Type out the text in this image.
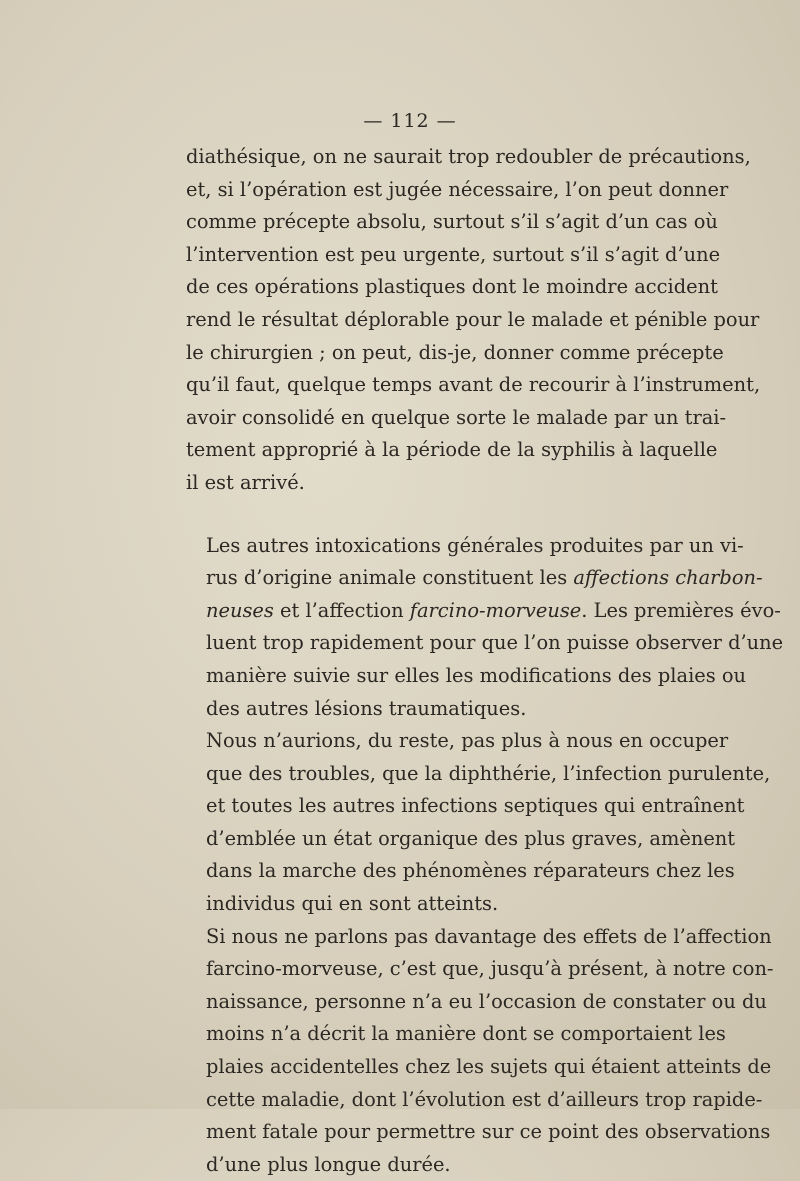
— 112 —

diathésique, on ne saurait trop redoubler de précautions,
et, si l’opération est jugée nécessaire, l’on peut donner
comme précepte absolu, surtout s’il s’agit d’un cas où
l’intervention est peu urgente, surtout s’il s’agit d’une
de ces opérations plastiques dont le moindre accident
rend le résultat déplorable pour le malade et pénible pour
le chirurgien ; on peut, dis-je, donner comme précepte
qu’il faut, quelque temps avant de recourir à l’instrument,
avoir consolidé en quelque sorte le malade par un trai-
tement approprié à la période de la syphilis à laquelle
il est arrivé.

Les autres intoxications générales produites par un vi-
rus d’origine animale constituent les affections charbon-
neuses et l’affection farcino-morveuse. Les premières évo-
luent trop rapidement pour que l’on puisse observer d’une
manière suivie sur elles les modifications des plaies ou
des autres lésions traumatiques.

Nous n’aurions, du reste, pas plus à nous en occuper
que des troubles, que la diphthérie, l’infection purulente,
et toutes les autres infections septiques qui entraînent
d’emblée un état organique des plus graves, amènent
dans la marche des phénomènes réparateurs chez les
individus qui en sont atteints.

Si nous ne parlons pas davantage des effets de l’affection
farcino-morveuse, c’est que, jusqu’à présent, à notre con-
naissance, personne n’a eu l’occasion de constater ou du
moins n’a décrit la manière dont se comportaient les
plaies accidentelles chez les sujets qui étaient atteints de
cette maladie, dont l’évolution est d’ailleurs trop rapide-
ment fatale pour permettre sur ce point des observations
d’une plus longue durée.
